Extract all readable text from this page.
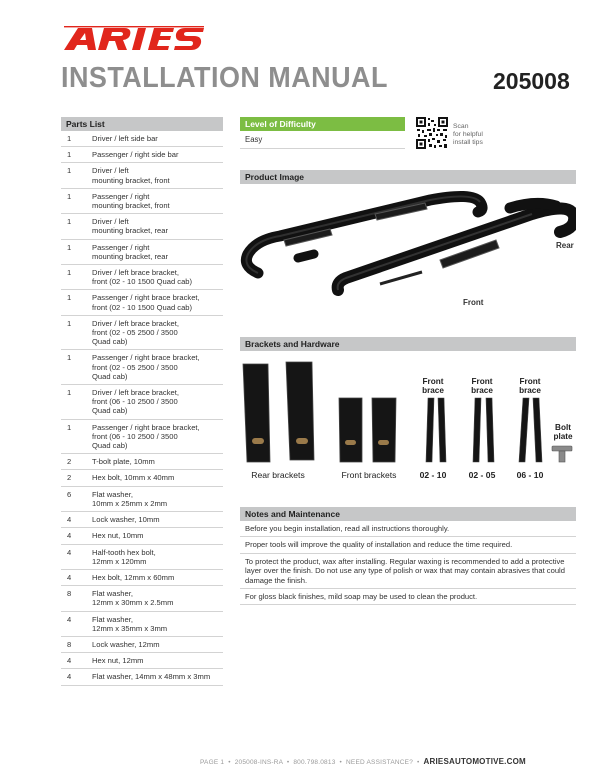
INSTALLATION MANUAL	205008
Parts List
1	Driver / left side bar
1	Passenger / right side bar
1	Driver / left
mounting bracket, front
1	Passenger / right
mounting bracket, front
1	Driver / left
mounting bracket, rear
1	Passenger / right
mounting bracket, rear
1	Driver / left brace bracket,
front (02 - 10 1500 Quad cab)
1	Passenger / right brace bracket,
front (02 - 10 1500 Quad cab)
1	Driver / left brace bracket,
front (02 - 05 2500 / 3500
Quad cab)
1	Passenger / right brace bracket,
front (02 - 05 2500 / 3500
Quad cab)
1	Driver / left brace bracket,
front (06 - 10 2500 / 3500
Quad cab)
1	Passenger / right brace bracket,
front (06 - 10 2500 / 3500
Quad cab)
2	T-bolt plate, 10mm
2	Hex bolt, 10mm x 40mm
6	Flat washer,
10mm x 25mm x 2mm
4	Lock washer, 10mm
4	Hex nut, 10mm
4	Half-tooth hex bolt,
12mm x 120mm
4	Hex bolt, 12mm x 60mm
8	Flat washer,
12mm x 30mm x 2.5mm
4	Flat washer,
12mm x 35mm x 3mm
8	Lock washer, 12mm
4	Hex nut, 12mm
4	Flat washer, 14mm x 48mm x 3mm
Level of Difficulty
Easy
Scan
for helpful
install tips
Product Image
Rear
Front
Brackets and Hardware
Front
brace
Front
brace
Front
brace
Bolt
plate
Rear brackets	Front brackets	02 - 10	02 - 05	06 - 10
Notes and Maintenance
Before you begin installation, read all instructions thoroughly.
Proper tools will improve the quality of installation and reduce the time required.
To protect the product, wax after installing. Regular waxing is recommended to add a protective layer over the finish. Do not use any type of polish or wax that may contain abrasives that could damage the finish.
For gloss black finishes, mild soap may be used to clean the product.
PAGE 1  •  205008-INS-RA  •  800.798.0813  •  NEED ASSISTANCE?  •  ARIESAUTOMOTIVE.COM
